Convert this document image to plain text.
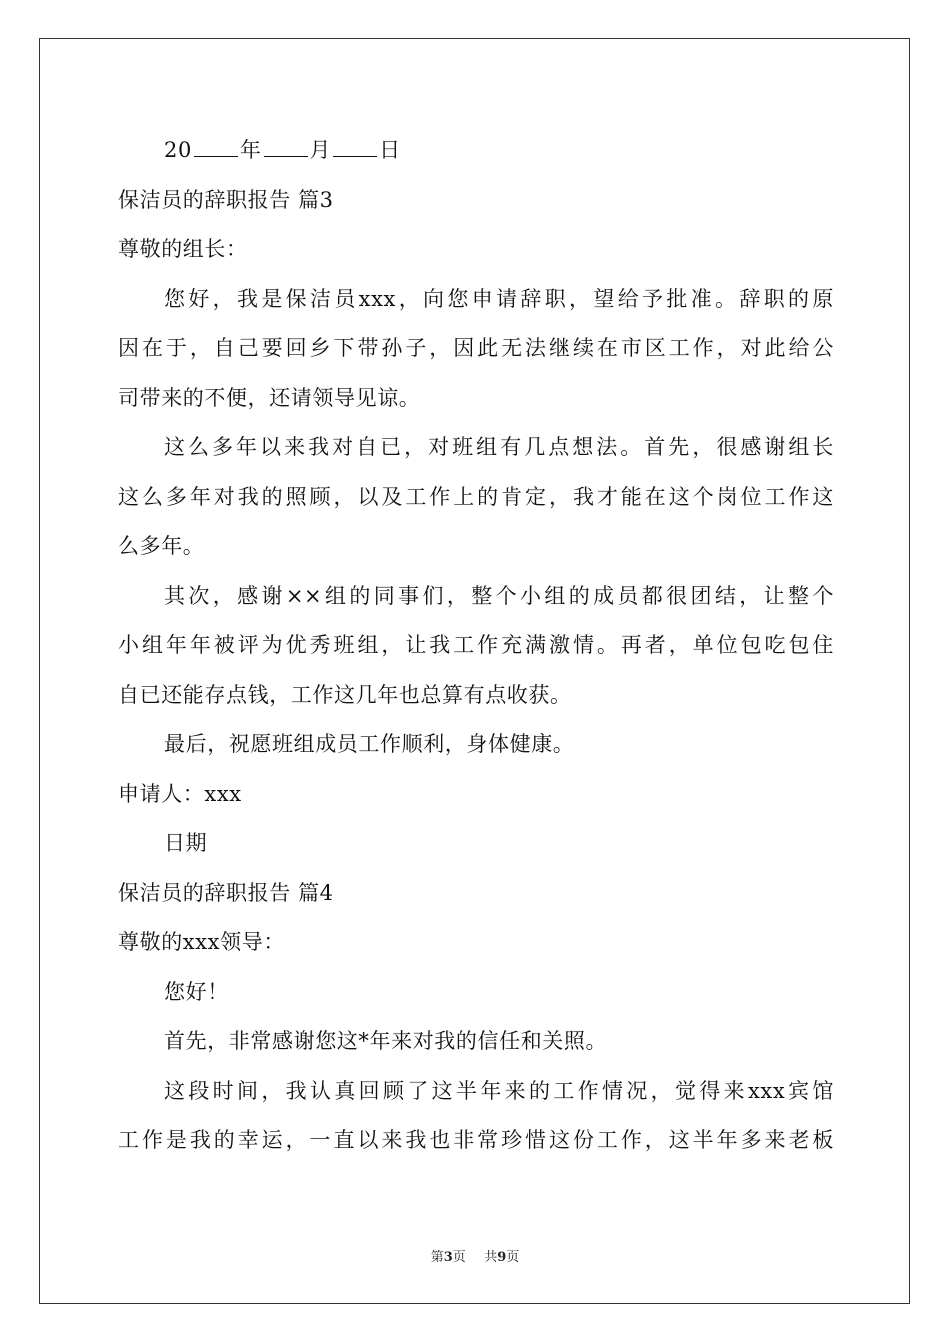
20 年 月 日
保洁员的辞职报告 篇3
尊敬的组长：
您好，我是保洁员xxx，向您申请辞职，望给予批准。辞职的原
因在于，自己要回乡下带孙子，因此无法继续在市区工作，对此给公
司带来的不便，还请领导见谅。
这么多年以来我对自已，对班组有几点想法。首先，很感谢组长
这么多年对我的照顾，以及工作上的肯定，我才能在这个岗位工作这
么多年。
其次，感谢××组的同事们，整个小组的成员都很团结，让整个
小组年年被评为优秀班组，让我工作充满激情。再者，单位包吃包住
自已还能存点钱，工作这几年也总算有点收获。
最后，祝愿班组成员工作顺利，身体健康。
申请人：xxx
日期
保洁员的辞职报告 篇4
尊敬的xxx领导：
您好！
首先，非常感谢您这*年来对我的信任和关照。
这段时间，我认真回顾了这半年来的工作情况，觉得来xxx宾馆
工作是我的幸运，一直以来我也非常珍惜这份工作，这半年多来老板
第3页 共9页
